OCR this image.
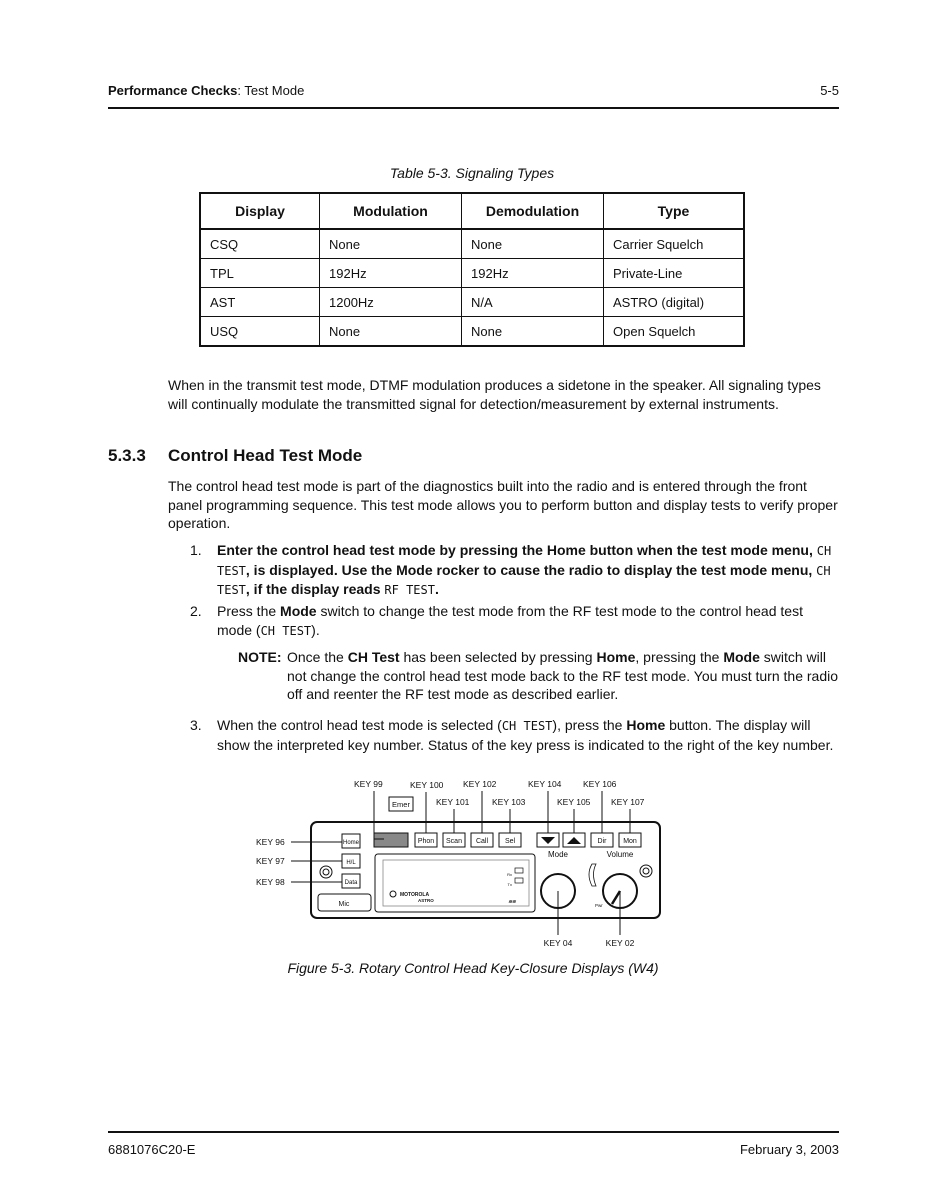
Performance Checks: Test Mode	5-5
Table 5-3. Signaling Types
Display	Modulation	Demodulation	Type
CSQ	None	None	Carrier Squelch
TPL	192Hz	192Hz	Private-Line
AST	1200Hz	N/A	ASTRO (digital)
USQ	None	None	Open Squelch
When in the transmit test mode, DTMF modulation produces a sidetone in the speaker. All signaling types will continually modulate the transmitted signal for detection/measurement by external instruments.
5.3.3 Control Head Test Mode
The control head test mode is part of the diagnostics built into the radio and is entered through the front panel programming sequence. This test mode allows you to perform button and display tests to verify proper operation.
1.	Enter the control head test mode by pressing the Home button when the test mode menu, CH TEST, is displayed. Use the Mode rocker to cause the radio to display the test mode menu, CH TEST, if the display reads RF TEST.
2.	Press the Mode switch to change the test mode from the RF test mode to the control head test mode (CH TEST).
NOTE: Once the CH Test has been selected by pressing Home, pressing the Mode switch will not change the control head test mode back to the RF test mode. You must turn the radio off and reenter the RF test mode as described earlier.
3.	When the control head test mode is selected (CH TEST), press the Home button. The display will show the interpreted key number. Status of the key press is indicated to the right of the key number.
Emer
Phon Scan Call Sel	Dir Mon
Home
H/L
Data
Mic
MOTOROLA
ASTRO
Rx
Tx
≋≋
Mode	Volume
Pwr
KEY 99	KEY 100 KEY 102	KEY 104	KEY 106
KEY 101	KEY 103	KEY 105 KEY 107
KEY 96
KEY 97
KEY 98
KEY 04	KEY 02
Figure 5-3. Rotary Control Head Key-Closure Displays (W4)
6881076C20-E	February 3, 2003
